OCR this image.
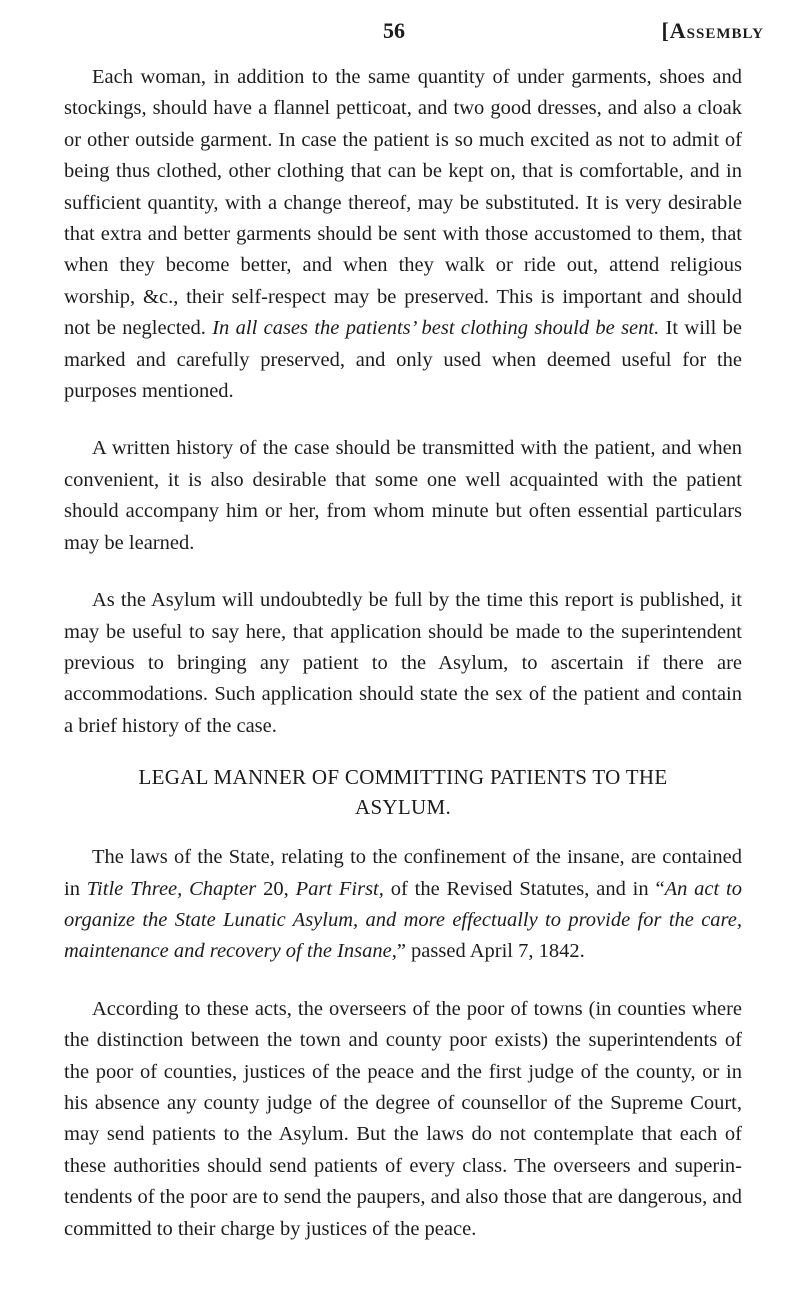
56	[Assembly

Each woman, in addition to the same quantity of under garments, shoes and stockings, should have a flannel petticoat, and two good dresses, and also a cloak or other outside garment. In case the patient is so much excited as not to admit of being thus clothed, other clothing that can be kept on, that is comfortable, and in sufficient quantity, with a change thereof, may be substituted. It is very desirable that extra and better garments should be sent with those accustomed to them, that when they become better, and when they walk or ride out, attend religious worship, &c., their self-respect may be preserved. This is important and should not be neglected. In all cases the patients’ best clothing should be sent. It will be marked and carefully preserved, and only used when deemed useful for the purposes mentioned.

A written history of the case should be transmitted with the patient, and when convenient, it is also desirable that some one well acquainted with the patient should accompany him or her, from whom minute but often essential particulars may be learned.

As the Asylum will undoubtedly be full by the time this report is published, it may be useful to say here, that application should be made to the superintendent previous to bringing any patient to the Asylum, to ascertain if there are accommodations. Such application should state the sex of the patient and contain a brief history of the case.

LEGAL MANNER OF COMMITTING PATIENTS TO THE
ASYLUM.

The laws of the State, relating to the confinement of the insane, are contained in Title Three, Chapter 20, Part First, of the Revised Statutes, and in “An act to organize the State Lunatic Asylum, and more effectually to provide for the care, maintenance and recovery of the Insane,” passed April 7, 1842.

According to these acts, the overseers of the poor of towns (in counties where the distinction between the town and county poor exists) the superintendents of the poor of counties, justices of the peace and the first judge of the county, or in his absence any county judge of the degree of counsellor of the Supreme Court, may send patients to the Asylum. But the laws do not contemplate that each of these authorities should send patients of every class. The overseers and superintendents of the poor are to send the paupers, and also those that are dangerous, and committed to their charge by justices of the peace.
